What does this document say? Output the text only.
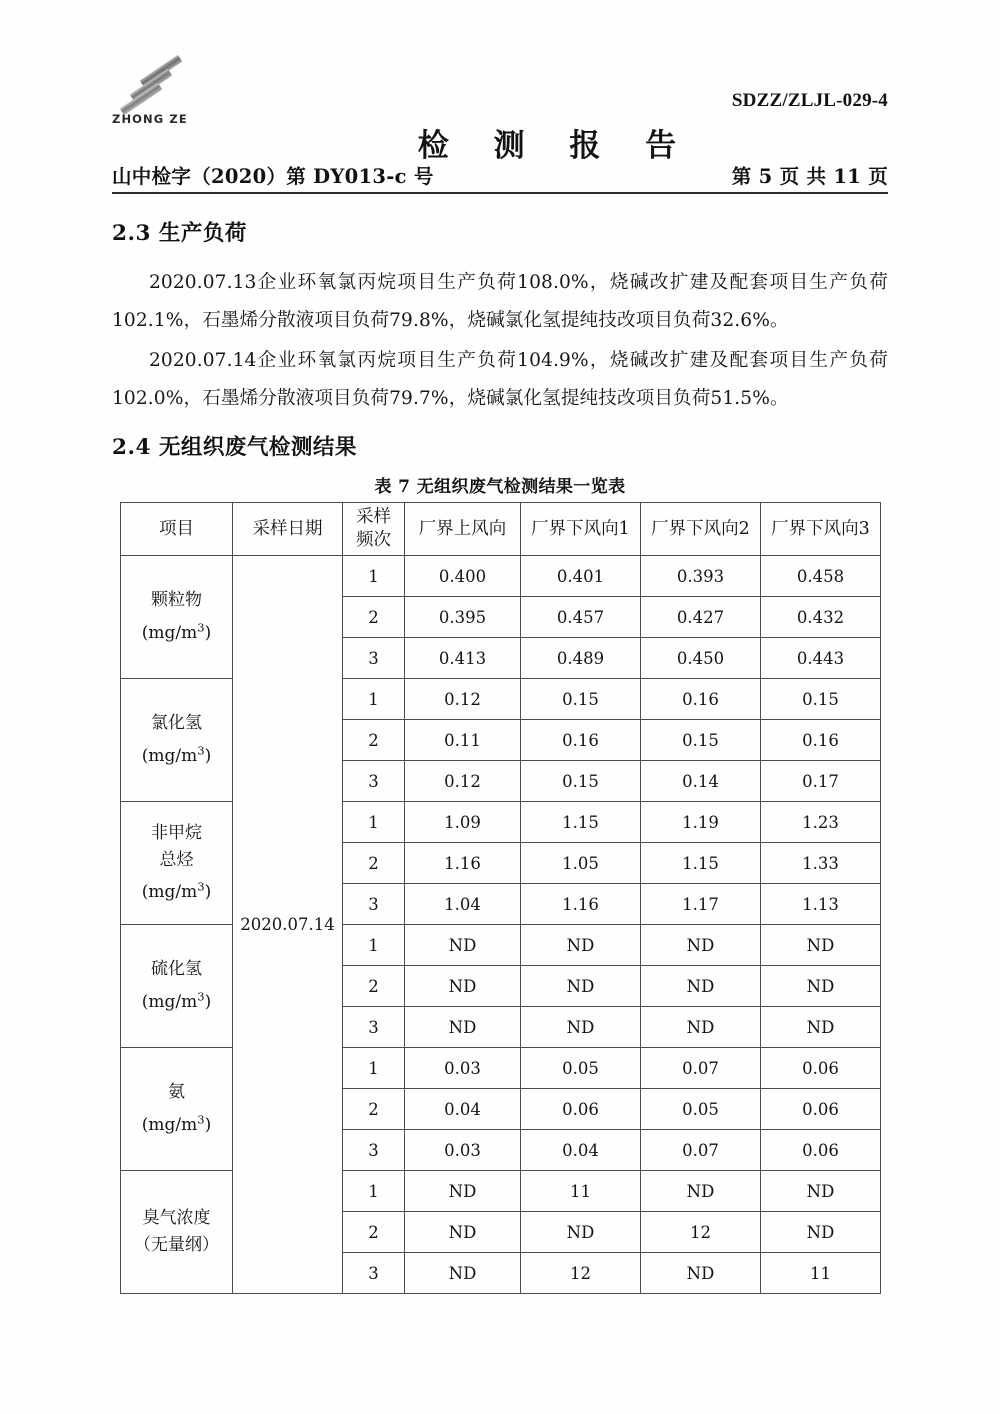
ZHONG ZE
SDZZ/ZLJL-029-4
检 测 报 告
山中检字（2020）第 DY013-c 号	第 5 页 共 11 页
2.3 生产负荷
2020.07.13企业环氧氯丙烷项目生产负荷108.0%，烧碱改扩建及配套项目生产负荷102.1%，石墨烯分散液项目负荷79.8%，烧碱氯化氢提纯技改项目负荷32.6%。
2020.07.14企业环氧氯丙烷项目生产负荷104.9%，烧碱改扩建及配套项目生产负荷102.0%，石墨烯分散液项目负荷79.7%，烧碱氯化氢提纯技改项目负荷51.5%。
2.4 无组织废气检测结果
表 7 无组织废气检测结果一览表
项目	采样日期	采样
频次	厂界上风向	厂界下风向1	厂界下风向2	厂界下风向3

颗粒物
$(mg/m^3)$	2020.07.14	1	0.400	0.401	0.393	0.458
		2	0.395	0.457	0.427	0.432
		3	0.413	0.489	0.450	0.443

氯化氢
$(mg/m^3)$		1	0.12	0.15	0.16	0.15
		2	0.11	0.16	0.15	0.16
		3	0.12	0.15	0.14	0.17

非甲烷
总烃
$(mg/m^3)$		1	1.09	1.15	1.19	1.23
		2	1.16	1.05	1.15	1.33
		3	1.04	1.16	1.17	1.13

硫化氢
$(mg/m^3)$		1	ND	ND	ND	ND
		2	ND	ND	ND	ND
		3	ND	ND	ND	ND

氨
$(mg/m^3)$		1	0.03	0.05	0.07	0.06
		2	0.04	0.06	0.05	0.06
		3	0.03	0.04	0.07	0.06

臭气浓度
（无量纲）		1	ND	11	ND	ND
		2	ND	ND	12	ND
		3	ND	12	ND	11
